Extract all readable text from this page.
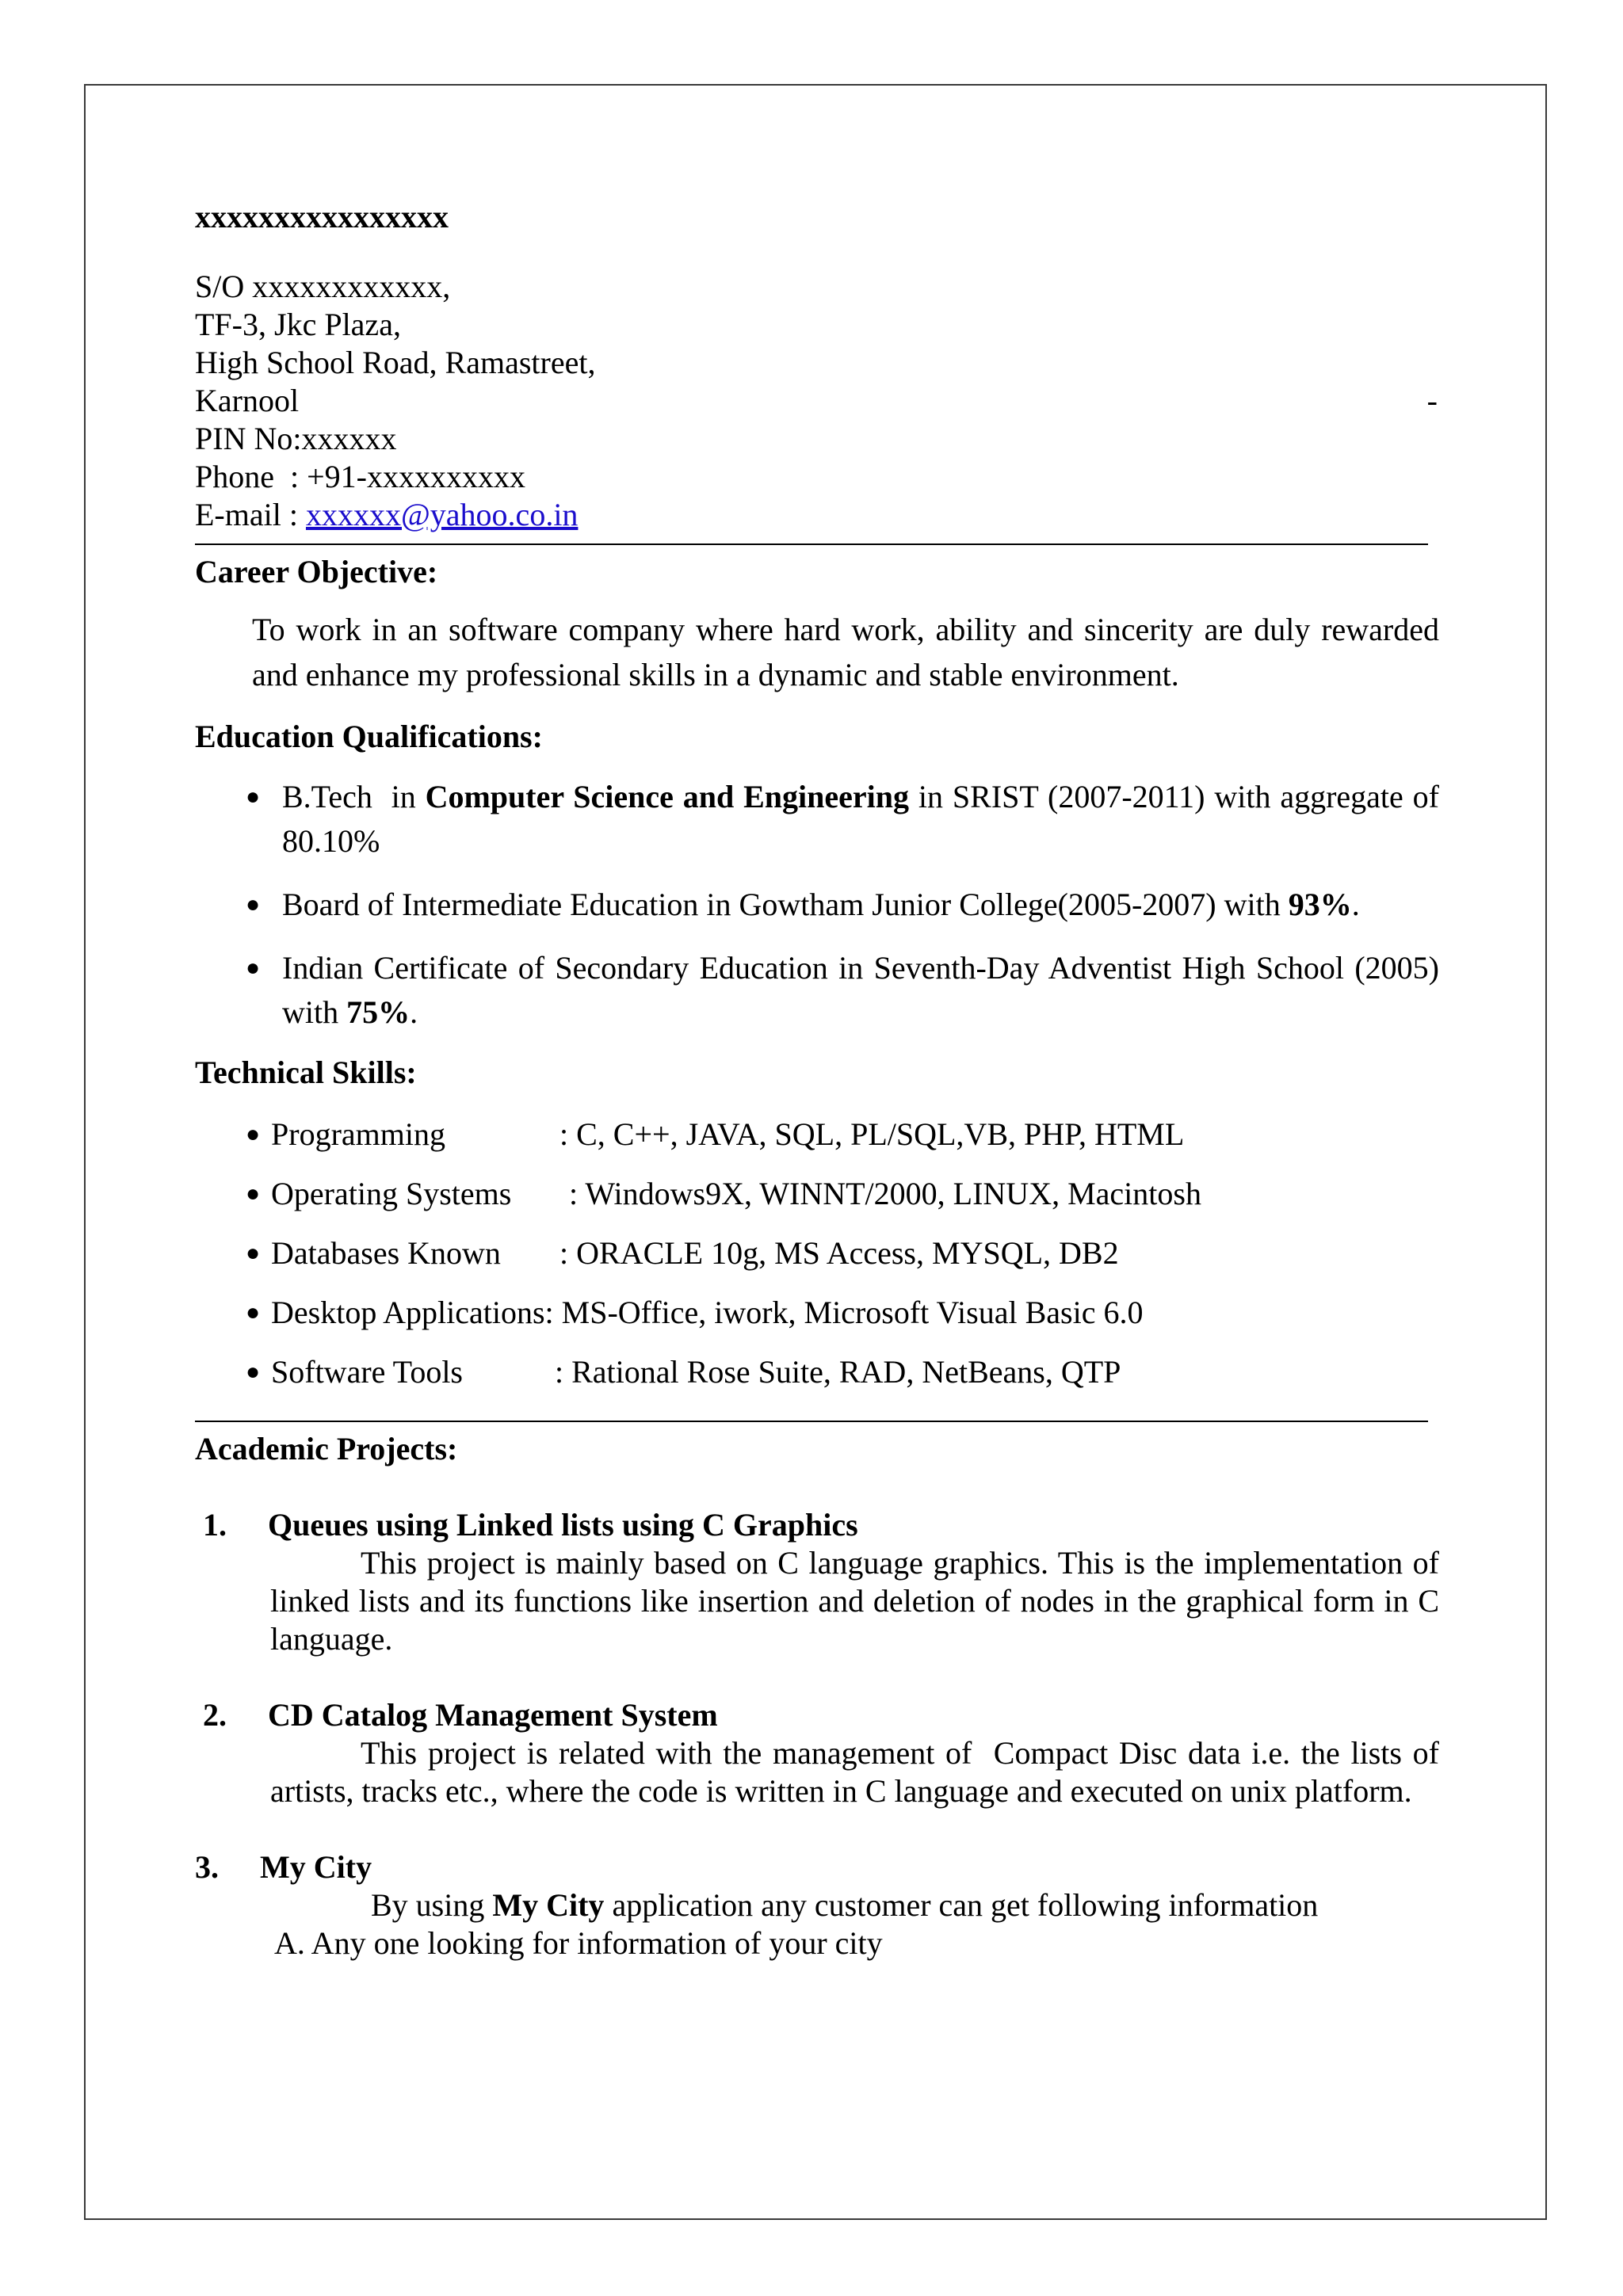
xxxxxxxxxxxxxxxx
S/O xxxxxxxxxxxx,
TF-3, Jkc Plaza,
High School Road, Ramastreet,
Karnool	-
PIN No:xxxxxx
Phone  : +91-xxxxxxxxxx
E-mail : xxxxxx@yahoo.co.in
Career Objective:
To work in an software company where hard work, ability and sincerity are duly rewarded and enhance my professional skills in a dynamic and stable environment.
Education Qualifications:
● B.Tech  in Computer Science and Engineering in SRIST (2007-2011) with aggregate of 80.10%
● Board of Intermediate Education in Gowtham Junior College(2005-2007) with 93%.
● Indian Certificate of Secondary Education in Seventh-Day Adventist High School (2005) with 75%.
Technical Skills:
● Programming	: C, C++, JAVA, SQL, PL/SQL,VB, PHP, HTML
● Operating Systems : Windows9X, WINNT/2000, LINUX, Macintosh
● Databases Known : ORACLE 10g, MS Access, MYSQL, DB2
● Desktop Applications: MS-Office, iwork, Microsoft Visual Basic 6.0
● Software Tools	: Rational Rose Suite, RAD, NetBeans, QTP
Academic Projects:
1. Queues using Linked lists using C Graphics
This project is mainly based on C language graphics. This is the implementation of linked lists and its functions like insertion and deletion of nodes in the graphical form in C language.
2. CD Catalog Management System
This project is related with the management of  Compact Disc data i.e. the lists of artists, tracks etc., where the code is written in C language and executed on unix platform.
3. My City
By using My City application any customer can get following information
A. Any one looking for information of your city
